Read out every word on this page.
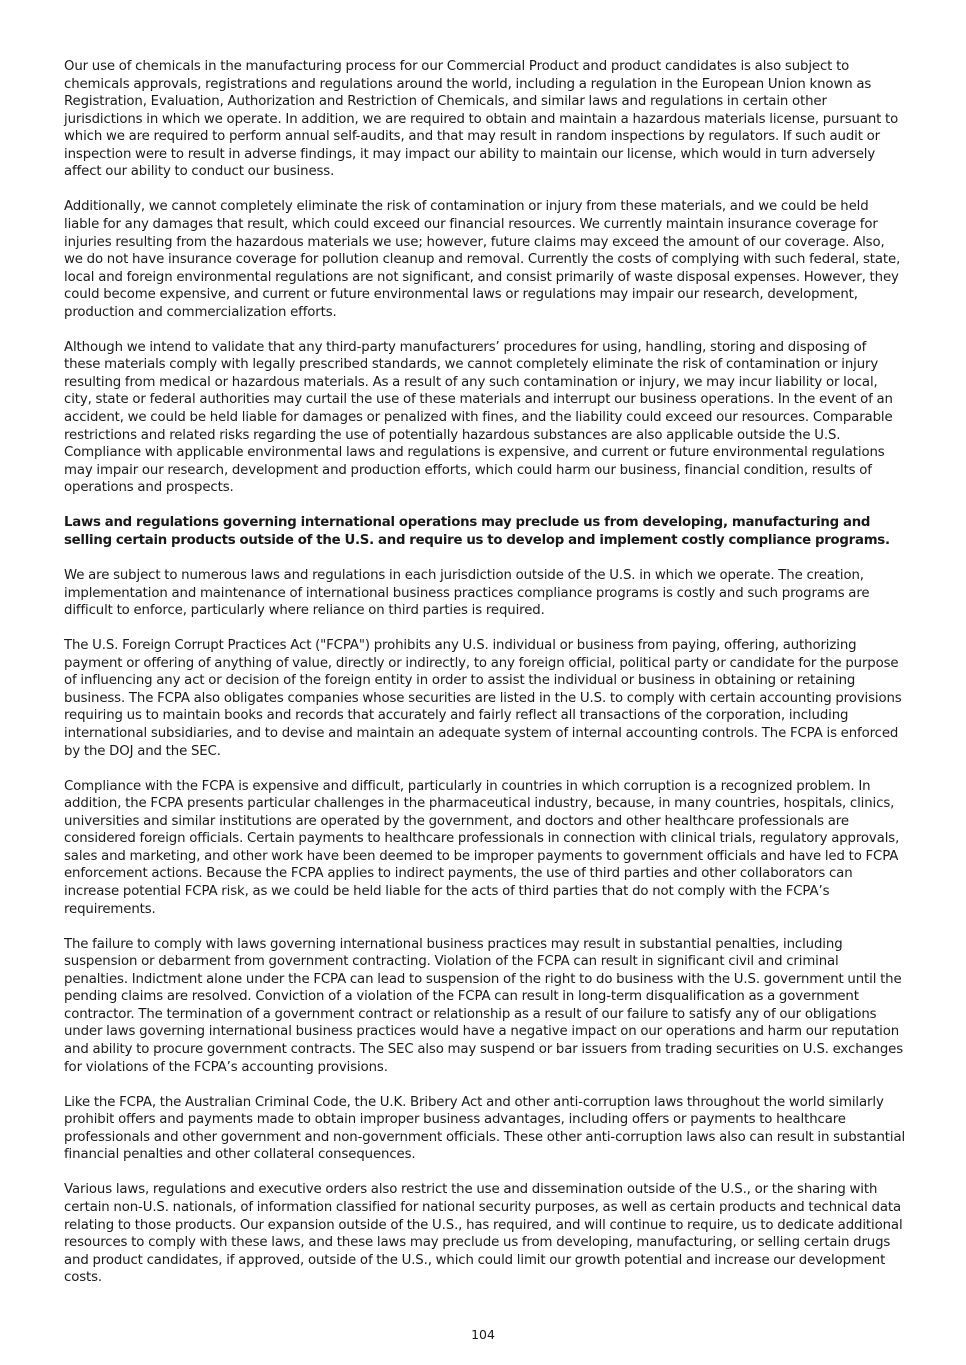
Our use of chemicals in the manufacturing process for our Commercial Product and product candidates is also subject to chemicals approvals, registrations and regulations around the world, including a regulation in the European Union known as Registration, Evaluation, Authorization and Restriction of Chemicals, and similar laws and regulations in certain other jurisdictions in which we operate. In addition, we are required to obtain and maintain a hazardous materials license, pursuant to which we are required to perform annual self-audits, and that may result in random inspections by regulators. If such audit or inspection were to result in adverse findings, it may impact our ability to maintain our license, which would in turn adversely affect our ability to conduct our business.

Additionally, we cannot completely eliminate the risk of contamination or injury from these materials, and we could be held liable for any damages that result, which could exceed our financial resources. We currently maintain insurance coverage for injuries resulting from the hazardous materials we use; however, future claims may exceed the amount of our coverage. Also, we do not have insurance coverage for pollution cleanup and removal. Currently the costs of complying with such federal, state, local and foreign environmental regulations are not significant, and consist primarily of waste disposal expenses. However, they could become expensive, and current or future environmental laws or regulations may impair our research, development, production and commercialization efforts.

Although we intend to validate that any third-party manufacturers’ procedures for using, handling, storing and disposing of these materials comply with legally prescribed standards, we cannot completely eliminate the risk of contamination or injury resulting from medical or hazardous materials. As a result of any such contamination or injury, we may incur liability or local, city, state or federal authorities may curtail the use of these materials and interrupt our business operations. In the event of an accident, we could be held liable for damages or penalized with fines, and the liability could exceed our resources. Comparable restrictions and related risks regarding the use of potentially hazardous substances are also applicable outside the U.S. Compliance with applicable environmental laws and regulations is expensive, and current or future environmental regulations may impair our research, development and production efforts, which could harm our business, financial condition, results of operations and prospects.

Laws and regulations governing international operations may preclude us from developing, manufacturing and selling certain products outside of the U.S. and require us to develop and implement costly compliance programs.

We are subject to numerous laws and regulations in each jurisdiction outside of the U.S. in which we operate. The creation, implementation and maintenance of international business practices compliance programs is costly and such programs are difficult to enforce, particularly where reliance on third parties is required.

The U.S. Foreign Corrupt Practices Act ("FCPA") prohibits any U.S. individual or business from paying, offering, authorizing payment or offering of anything of value, directly or indirectly, to any foreign official, political party or candidate for the purpose of influencing any act or decision of the foreign entity in order to assist the individual or business in obtaining or retaining business. The FCPA also obligates companies whose securities are listed in the U.S. to comply with certain accounting provisions requiring us to maintain books and records that accurately and fairly reflect all transactions of the corporation, including international subsidiaries, and to devise and maintain an adequate system of internal accounting controls. The FCPA is enforced by the DOJ and the SEC.

Compliance with the FCPA is expensive and difficult, particularly in countries in which corruption is a recognized problem. In addition, the FCPA presents particular challenges in the pharmaceutical industry, because, in many countries, hospitals, clinics, universities and similar institutions are operated by the government, and doctors and other healthcare professionals are considered foreign officials. Certain payments to healthcare professionals in connection with clinical trials, regulatory approvals, sales and marketing, and other work have been deemed to be improper payments to government officials and have led to FCPA enforcement actions. Because the FCPA applies to indirect payments, the use of third parties and other collaborators can increase potential FCPA risk, as we could be held liable for the acts of third parties that do not comply with the FCPA’s requirements.

The failure to comply with laws governing international business practices may result in substantial penalties, including suspension or debarment from government contracting. Violation of the FCPA can result in significant civil and criminal penalties. Indictment alone under the FCPA can lead to suspension of the right to do business with the U.S. government until the pending claims are resolved. Conviction of a violation of the FCPA can result in long-term disqualification as a government contractor. The termination of a government contract or relationship as a result of our failure to satisfy any of our obligations under laws governing international business practices would have a negative impact on our operations and harm our reputation and ability to procure government contracts. The SEC also may suspend or bar issuers from trading securities on U.S. exchanges for violations of the FCPA’s accounting provisions.

Like the FCPA, the Australian Criminal Code, the U.K. Bribery Act and other anti-corruption laws throughout the world similarly prohibit offers and payments made to obtain improper business advantages, including offers or payments to healthcare professionals and other government and non-government officials. These other anti-corruption laws also can result in substantial financial penalties and other collateral consequences.

Various laws, regulations and executive orders also restrict the use and dissemination outside of the U.S., or the sharing with certain non-U.S. nationals, of information classified for national security purposes, as well as certain products and technical data relating to those products. Our expansion outside of the U.S., has required, and will continue to require, us to dedicate additional resources to comply with these laws, and these laws may preclude us from developing, manufacturing, or selling certain drugs and product candidates, if approved, outside of the U.S., which could limit our growth potential and increase our development costs.

104
